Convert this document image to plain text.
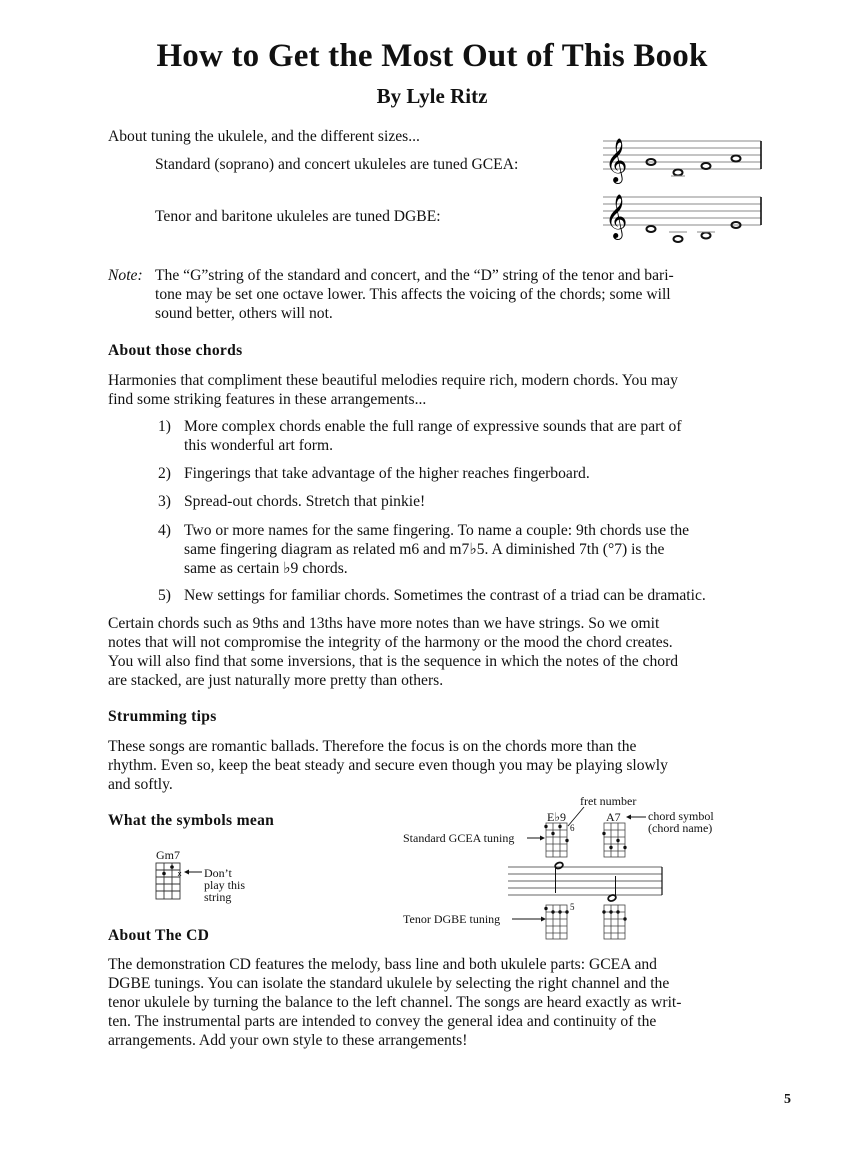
How to Get the Most Out of This Book
By Lyle Ritz
About tuning the ukulele, and the different sizes...
Standard (soprano) and concert ukuleles are tuned GCEA:
Tenor and baritone ukuleles are tuned DGBE:
𝄞
𝄞
Note: The “G”string of the standard and concert, and the “D” string of the tenor and bari-
tone may be set one octave lower. This affects the voicing of the chords; some will
sound better, others will not.
About those chords
Harmonies that compliment these beautiful melodies require rich, modern chords. You may
find some striking features in these arrangements...
1) More complex chords enable the full range of expressive sounds that are part of
this wonderful art form.
2) Fingerings that take advantage of the higher reaches fingerboard.
3) Spread-out chords. Stretch that pinkie!
4) Two or more names for the same fingering. To name a couple: 9th chords use the
same fingering diagram as related m6 and m7♭5. A diminished 7th (°7) is the
same as certain ♭9 chords.
5) New settings for familiar chords. Sometimes the contrast of a triad can be dramatic.
Certain chords such as 9ths and 13ths have more notes than we have strings. So we omit
notes that will not compromise the integrity of the harmony or the mood the chord creates.
You will also find that some inversions, that is the sequence in which the notes of the chord
are stacked, are just naturally more pretty than others.
Strumming tips
These songs are romantic ballads. Therefore the focus is on the chords more than the
rhythm. Even so, keep the beat steady and secure even though you may be playing slowly
and softly.
What the symbols mean
Gm7
x Don’t
play this
string
fret number
E♭9
6
A7 chord symbol
(chord name)
Standard GCEA tuning
Tenor DGBE tuning
5
About The CD
The demonstration CD features the melody, bass line and both ukulele parts: GCEA and
DGBE tunings. You can isolate the standard ukulele by selecting the right channel and the
tenor ukulele by turning the balance to the left channel. The songs are heard exactly as writ-
ten. The instrumental parts are intended to convey the general idea and continuity of the
arrangements. Add your own style to these arrangements!
5
